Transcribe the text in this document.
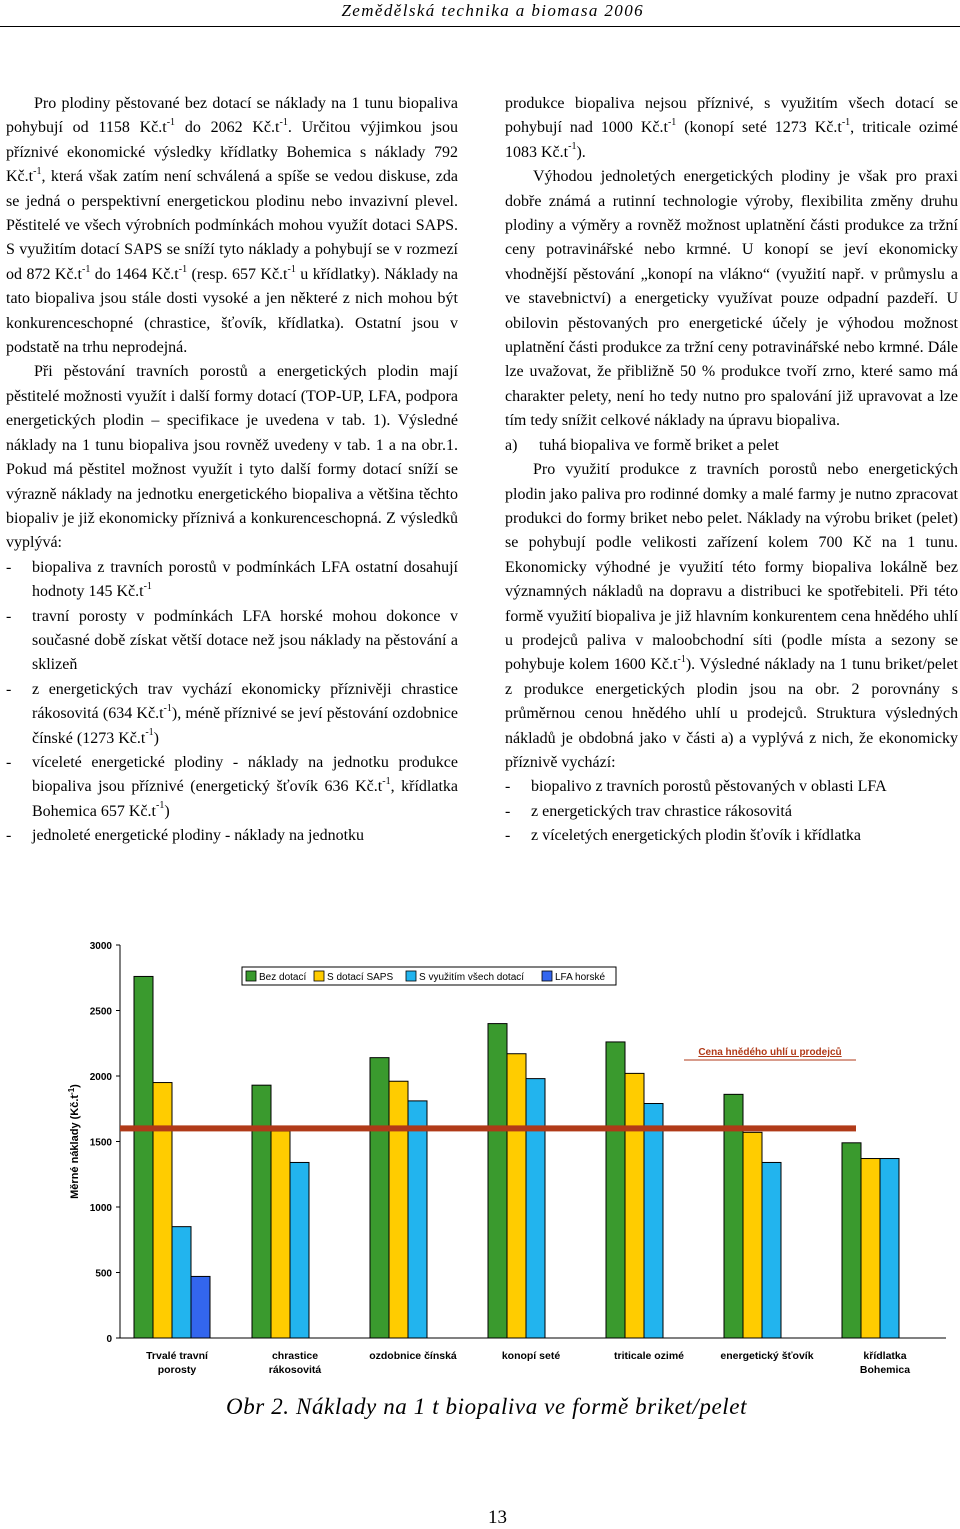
Zemědělská technika a biomasa 2006

Pro plodiny pěstované bez dotací se náklady na 1 tunu biopaliva pohybují od 1158 $Kč.t^{-1}$ do 2062 $Kč.t^{-1}$. Určitou výjimkou jsou příznivé ekonomické výsledky křídlatky Bohemica s náklady 792 $Kč.t^{-1}$, která však zatím není schválená a spíše se vedou diskuse, zda se jedná o perspektivní energetickou plodinu nebo invazivní plevel. Pěstitelé ve všech výrobních podmínkách mohou využít dotaci SAPS. S využitím dotací SAPS se sníží tyto náklady a pohybují se v rozmezí od 872 $Kč.t^{-1}$ do 1464 $Kč.t^{-1}$ (resp. 657 $Kč.t^{-1}$ u křídlatky). Náklady na tato biopaliva jsou stále dosti vysoké a jen některé z nich mohou být konkurenceschopné (chrastice, šťovík, křídlatka). Ostatní jsou v podstatě na trhu neprodejná.

Při pěstování travních porostů a energetických plodin mají pěstitelé možnosti využít i další formy dotací (TOP-UP, LFA, podpora energetických plodin – specifikace je uvedena v tab. 1). Výsledné náklady na 1 tunu biopaliva jsou rovněž uvedeny v tab. 1 a na obr.1. Pokud má pěstitel možnost využít i tyto další formy dotací sníží se výrazně náklady na jednotku energetického biopaliva a většina těchto biopaliv je již ekonomicky příznivá a konkurenceschopná. Z výsledků vyplývá:

- biopaliva z travních porostů v podmínkách LFA ostatní dosahují hodnoty 145 $Kč.t^{-1}$
- travní porosty v podmínkách LFA horské mohou dokonce v současné době získat větší dotace než jsou náklady na pěstování a sklizeň
- z energetických trav vychází ekonomicky příznivěji chrastice rákosovitá (634 $Kč.t^{-1}$), méně příznivé se jeví pěstování ozdobnice čínské (1273 $Kč.t^{-1}$)
- víceleté energetické plodiny - náklady na jednotku produkce biopaliva jsou příznivé (energetický šťovík 636 $Kč.t^{-1}$, křídlatka Bohemica 657 $Kč.t^{-1}$)
- jednoleté energetické plodiny - náklady na jednotku

produkce biopaliva nejsou příznivé, s využitím všech dotací se pohybují nad 1000 $Kč.t^{-1}$ (konopí seté 1273 $Kč.t^{-1}$, triticale ozimé 1083 $Kč.t^{-1}$).

Výhodou jednoletých energetických plodiny je však pro praxi dobře známá a rutinní technologie výroby, flexibilita změny druhu plodiny a výměry a rovněž možnost uplatnění části produkce za tržní ceny potravinářské nebo krmné. U konopí se jeví ekonomicky vhodnější pěstování „konopí na vlákno“ (využití např. v průmyslu a ve stavebnictví) a energeticky využívat pouze odpadní pazdeří. U obilovin pěstovaných pro energetické účely je výhodou možnost uplatnění části produkce za tržní ceny potravinářské nebo krmné. Dále lze uvažovat, že přibližně 50 % produkce tvoří zrno, které samo má charakter pelety, není ho tedy nutno pro spalování již upravovat a lze tím tedy snížit celkové náklady na úpravu biopaliva.

a) tuhá biopaliva ve formě briket a pelet

Pro využití produkce z travních porostů nebo energetických plodin jako paliva pro rodinné domky a malé farmy je nutno zpracovat produkci do formy briket nebo pelet. Náklady na výrobu briket (pelet) se pohybují podle velikosti zařízení kolem 700 Kč na 1 tunu. Ekonomicky výhodné je využití této formy biopaliva lokálně bez významných nákladů na dopravu a distribuci ke spotřebiteli. Při této formě využití biopaliva je již hlavním konkurentem cena hnědého uhlí u prodejců paliva v maloobchodní síti (podle místa a sezony se pohybuje kolem 1600 $Kč.t^{-1}$). Výsledné náklady na 1 tunu briket/pelet z produkce energetických plodin jsou na obr. 2 porovnány s průměrnou cenou hnědého uhlí u prodejců. Struktura výsledných nákladů je obdobná jako v části a) a vyplývá z nich, že ekonomicky příznivě vychází:

- biopalivo z travních porostů pěstovaných v oblasti LFA
- z energetických trav chrastice rákosovitá
- z víceletých energetických plodin šťovík i křídlatka
0
500
1000
1500
2000
2500
3000
Měrné náklady $(Kč.t^{-1})$
Trvalé travní
porosty
chrastice
rákosovitá
ozdobnice čínská	konopí seté	triticale ozimé	energetický šťovík	křídlatka
Bohemica
Cena hnědého uhlí u prodejců
Bez dotací S dotací SAPS	S využitím všech dotací	LFA horské
Obr 2. Náklady na 1 t biopaliva ve formě briket/pelet
13
